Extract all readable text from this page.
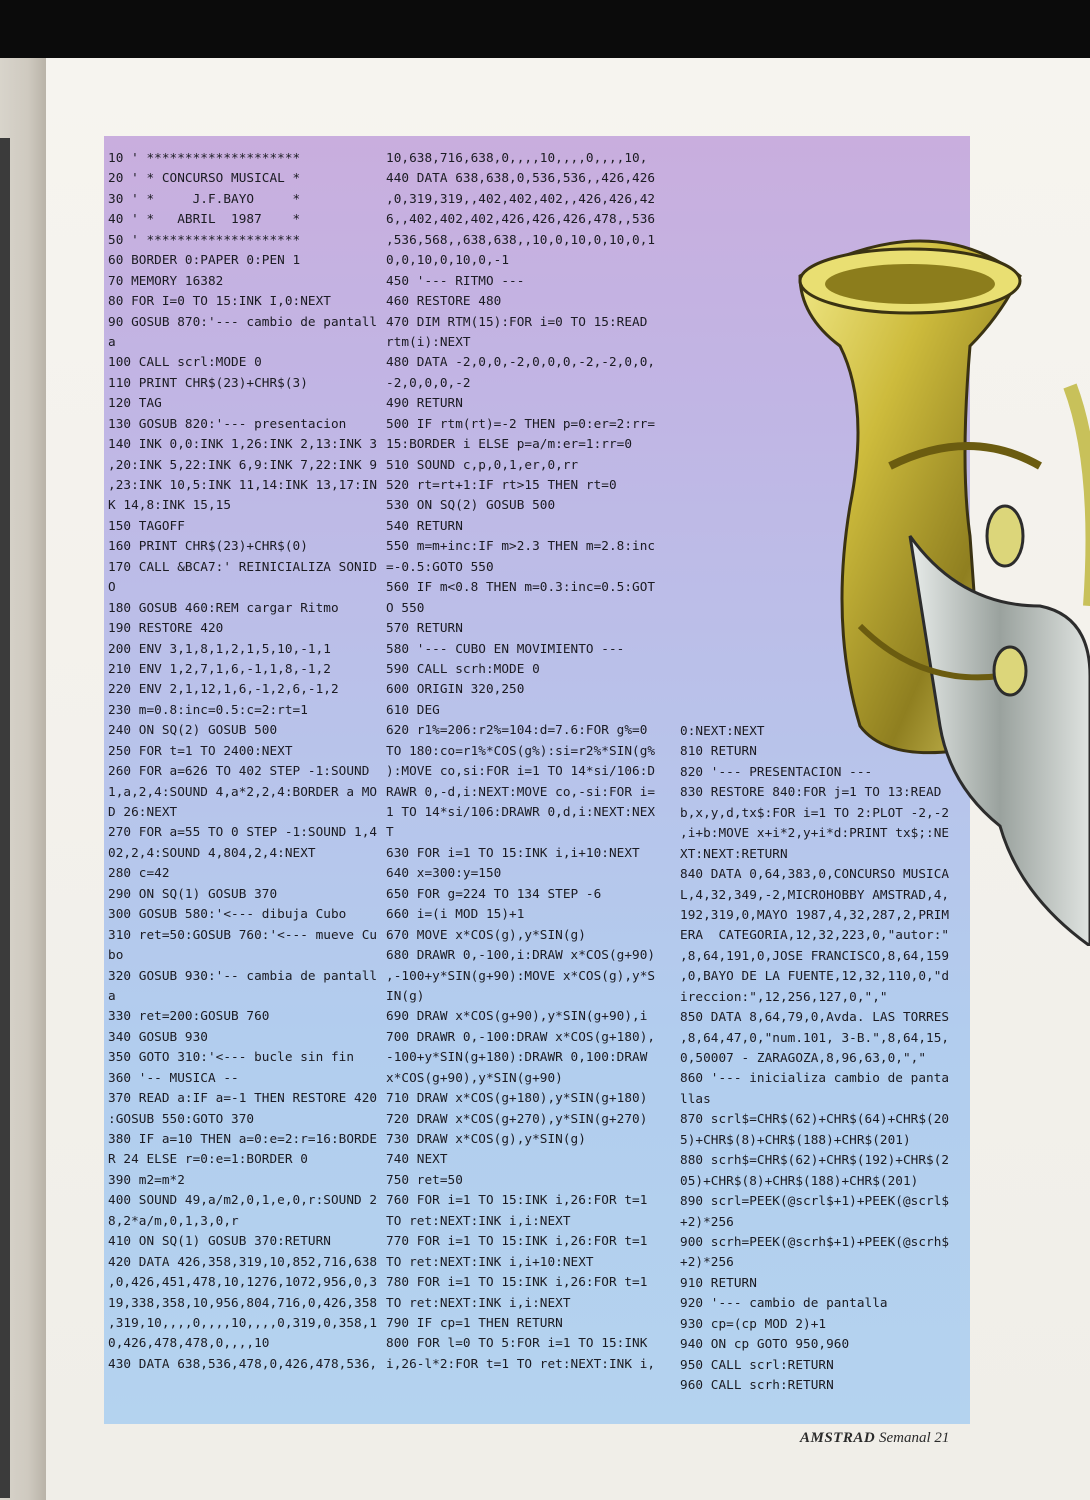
10 ' ********************
20 ' * CONCURSO MUSICAL *
30 ' *     J.F.BAYO     *
40 ' *   ABRIL  1987    *
50 ' ********************
60 BORDER 0:PAPER 0:PEN 1
70 MEMORY 16382
80 FOR I=0 TO 15:INK I,0:NEXT
90 GOSUB 870:'--- cambio de pantall
a
100 CALL scrl:MODE 0
110 PRINT CHR$(23)+CHR$(3)
120 TAG
130 GOSUB 820:'--- presentacion
140 INK 0,0:INK 1,26:INK 2,13:INK 3
,20:INK 5,22:INK 6,9:INK 7,22:INK 9
,23:INK 10,5:INK 11,14:INK 13,17:IN
K 14,8:INK 15,15
150 TAGOFF
160 PRINT CHR$(23)+CHR$(0)
170 CALL &BCA7:' REINICIALIZA SONID
O
180 GOSUB 460:REM cargar Ritmo
190 RESTORE 420
200 ENV 3,1,8,1,2,1,5,10,-1,1
210 ENV 1,2,7,1,6,-1,1,8,-1,2
220 ENV 2,1,12,1,6,-1,2,6,-1,2
230 m=0.8:inc=0.5:c=2:rt=1
240 ON SQ(2) GOSUB 500
250 FOR t=1 TO 2400:NEXT
260 FOR a=626 TO 402 STEP -1:SOUND
1,a,2,4:SOUND 4,a*2,2,4:BORDER a MO
D 26:NEXT
270 FOR a=55 TO 0 STEP -1:SOUND 1,4
02,2,4:SOUND 4,804,2,4:NEXT
280 c=42
290 ON SQ(1) GOSUB 370
300 GOSUB 580:'<--- dibuja Cubo
310 ret=50:GOSUB 760:'<--- mueve Cu
bo
320 GOSUB 930:'-- cambia de pantall
a
330 ret=200:GOSUB 760
340 GOSUB 930
350 GOTO 310:'<--- bucle sin fin
360 '-- MUSICA --
370 READ a:IF a=-1 THEN RESTORE 420
:GOSUB 550:GOTO 370
380 IF a=10 THEN a=0:e=2:r=16:BORDE
R 24 ELSE r=0:e=1:BORDER 0
390 m2=m*2
400 SOUND 49,a/m2,0,1,e,0,r:SOUND 2
8,2*a/m,0,1,3,0,r
410 ON SQ(1) GOSUB 370:RETURN
420 DATA 426,358,319,10,852,716,638
,0,426,451,478,10,1276,1072,956,0,3
19,338,358,10,956,804,716,0,426,358
,319,10,,,,0,,,,10,,,,0,319,0,358,1
0,426,478,478,0,,,,10
430 DATA 638,536,478,0,426,478,536,
10,638,716,638,0,,,,10,,,,0,,,,10,
440 DATA 638,638,0,536,536,,426,426
,0,319,319,,402,402,402,,426,426,42
6,,402,402,402,426,426,426,478,,536
,536,568,,638,638,,10,0,10,0,10,0,1
0,0,10,0,10,0,-1
450 '--- RITMO ---
460 RESTORE 480
470 DIM RTM(15):FOR i=0 TO 15:READ
rtm(i):NEXT
480 DATA -2,0,0,-2,0,0,0,-2,-2,0,0,
-2,0,0,0,-2
490 RETURN
500 IF rtm(rt)=-2 THEN p=0:er=2:rr=
15:BORDER i ELSE p=a/m:er=1:rr=0
510 SOUND c,p,0,1,er,0,rr
520 rt=rt+1:IF rt>15 THEN rt=0
530 ON SQ(2) GOSUB 500
540 RETURN
550 m=m+inc:IF m>2.3 THEN m=2.8:inc
=-0.5:GOTO 550
560 IF m<0.8 THEN m=0.3:inc=0.5:GOT
O 550
570 RETURN
580 '--- CUBO EN MOVIMIENTO ---
590 CALL scrh:MODE 0
600 ORIGIN 320,250
610 DEG
620 r1%=206:r2%=104:d=7.6:FOR g%=0
TO 180:co=r1%*COS(g%):si=r2%*SIN(g%
):MOVE co,si:FOR i=1 TO 14*si/106:D
RAWR 0,-d,i:NEXT:MOVE co,-si:FOR i=
1 TO 14*si/106:DRAWR 0,d,i:NEXT:NEX
T
630 FOR i=1 TO 15:INK i,i+10:NEXT
640 x=300:y=150
650 FOR g=224 TO 134 STEP -6
660 i=(i MOD 15)+1
670 MOVE x*COS(g),y*SIN(g)
680 DRAWR 0,-100,i:DRAW x*COS(g+90)
,-100+y*SIN(g+90):MOVE x*COS(g),y*S
IN(g)
690 DRAW x*COS(g+90),y*SIN(g+90),i
700 DRAWR 0,-100:DRAW x*COS(g+180),
-100+y*SIN(g+180):DRAWR 0,100:DRAW
x*COS(g+90),y*SIN(g+90)
710 DRAW x*COS(g+180),y*SIN(g+180)
720 DRAW x*COS(g+270),y*SIN(g+270)
730 DRAW x*COS(g),y*SIN(g)
740 NEXT
750 ret=50
760 FOR i=1 TO 15:INK i,26:FOR t=1
TO ret:NEXT:INK i,i:NEXT
770 FOR i=1 TO 15:INK i,26:FOR t=1
TO ret:NEXT:INK i,i+10:NEXT
780 FOR i=1 TO 15:INK i,26:FOR t=1
TO ret:NEXT:INK i,i:NEXT
790 IF cp=1 THEN RETURN
800 FOR l=0 TO 5:FOR i=1 TO 15:INK
i,26-l*2:FOR t=1 TO ret:NEXT:INK i,
0:NEXT:NEXT
810 RETURN
820 '--- PRESENTACION ---
830 RESTORE 840:FOR j=1 TO 13:READ
b,x,y,d,tx$:FOR i=1 TO 2:PLOT -2,-2
,i+b:MOVE x+i*2,y+i*d:PRINT tx$;:NE
XT:NEXT:RETURN
840 DATA 0,64,383,0,CONCURSO MUSICA
L,4,32,349,-2,MICROHOBBY AMSTRAD,4,
192,319,0,MAYO 1987,4,32,287,2,PRIM
ERA  CATEGORIA,12,32,223,0,"autor:"
,8,64,191,0,JOSE FRANCISCO,8,64,159
,0,BAYO DE LA FUENTE,12,32,110,0,"d
ireccion:",12,256,127,0,","
850 DATA 8,64,79,0,Avda. LAS TORRES
,8,64,47,0,"num.101, 3-B.",8,64,15,
0,50007 - ZARAGOZA,8,96,63,0,","
860 '--- inicializa cambio de panta
llas
870 scrl$=CHR$(62)+CHR$(64)+CHR$(20
5)+CHR$(8)+CHR$(188)+CHR$(201)
880 scrh$=CHR$(62)+CHR$(192)+CHR$(2
05)+CHR$(8)+CHR$(188)+CHR$(201)
890 scrl=PEEK(@scrl$+1)+PEEK(@scrl$
+2)*256
900 scrh=PEEK(@scrh$+1)+PEEK(@scrh$
+2)*256
910 RETURN
920 '--- cambio de pantalla
930 cp=(cp MOD 2)+1
940 ON cp GOTO 950,960
950 CALL scrl:RETURN
960 CALL scrh:RETURN
AMSTRAD Semanal 21
